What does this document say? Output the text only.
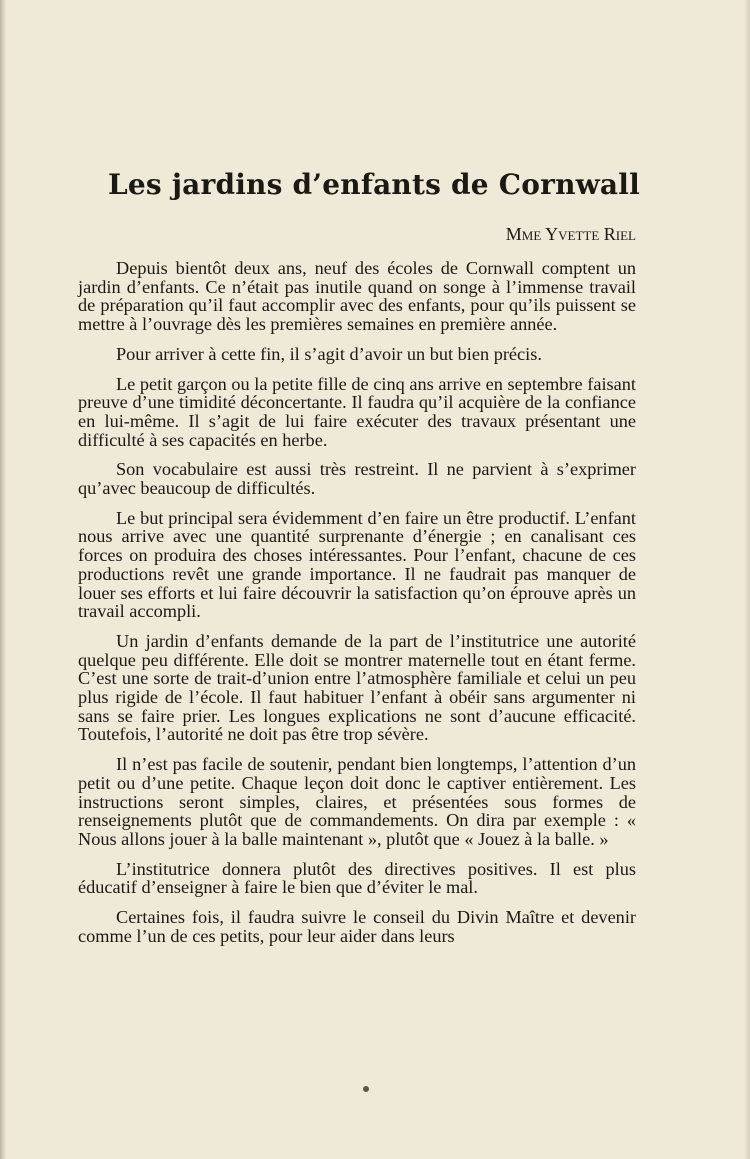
Les jardins d’enfants de Cornwall
Mme Yvette Riel

Depuis bientôt deux ans, neuf des écoles de Cornwall comptent un jardin d’enfants. Ce n’était pas inutile quand on songe à l’immense travail de préparation qu’il faut accomplir avec des enfants, pour qu’ils puissent se mettre à l’ouvrage dès les premières semaines en première année.

Pour arriver à cette fin, il s’agit d’avoir un but bien précis.

Le petit garçon ou la petite fille de cinq ans arrive en septembre faisant preuve d’une timidité déconcertante. Il faudra qu’il acquière de la confiance en lui-même. Il s’agit de lui faire exécuter des travaux présentant une difficulté à ses capacités en herbe.

Son vocabulaire est aussi très restreint. Il ne parvient à s’exprimer qu’avec beaucoup de difficultés.

Le but principal sera évidemment d’en faire un être productif. L’enfant nous arrive avec une quantité surprenante d’énergie ; en canalisant ces forces on produira des choses intéressantes. Pour l’enfant, chacune de ces productions revêt une grande importance. Il ne faudrait pas manquer de louer ses efforts et lui faire découvrir la satisfaction qu’on éprouve après un travail accompli.

Un jardin d’enfants demande de la part de l’institutrice une autorité quelque peu différente. Elle doit se montrer maternelle tout en étant ferme. C’est une sorte de trait-d’union entre l’atmosphère familiale et celui un peu plus rigide de l’école. Il faut habituer l’enfant à obéir sans argumenter ni sans se faire prier. Les longues explications ne sont d’aucune efficacité. Toutefois, l’autorité ne doit pas être trop sévère.

Il n’est pas facile de soutenir, pendant bien longtemps, l’attention d’un petit ou d’une petite. Chaque leçon doit donc le captiver entièrement. Les instructions seront simples, claires, et présentées sous formes de renseignements plutôt que de commandements. On dira par exemple : « Nous allons jouer à la balle maintenant », plutôt que « Jouez à la balle. »

L’institutrice donnera plutôt des directives positives. Il est plus éducatif d’enseigner à faire le bien que d’éviter le mal.

Certaines fois, il faudra suivre le conseil du Divin Maître et devenir comme l’un de ces petits, pour leur aider dans leurs
